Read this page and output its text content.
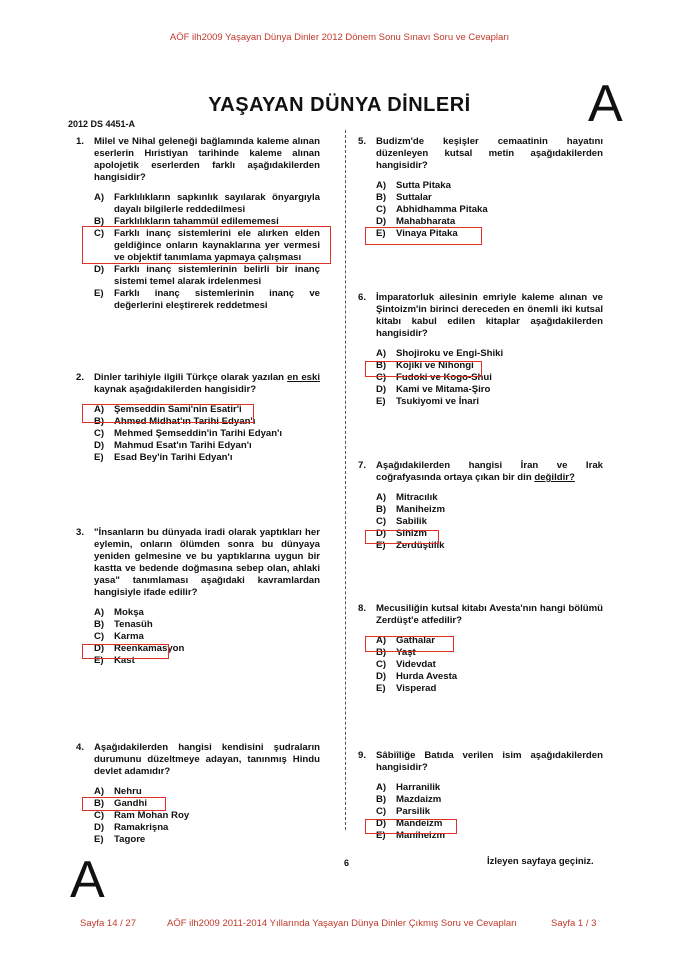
AÖF ilh2009 Yaşayan Dünya Dinler 2012 Dönem Sonu Sınavı Soru ve Cevapları
YAŞAYAN DÜNYA DİNLERİ	A
2012 DS 4451-A
1. Milel ve Nihal geleneği bağlamında kaleme alınan eserlerin Hıristiyan tarihinde kaleme alınan apolojetik eserlerden farklı aşağıdakilerden hangisidir?
A)	Farklılıkların sapkınlık sayılarak önyargıyla dayalı bilgilerle reddedilmesi
B)	Farklılıkların tahammül edilememesi
C)	Farklı inanç sistemlerini ele alırken elden geldiğince onların kaynaklarına yer vermesi ve objektif tanımlama yapmaya çalışması
D)	Farklı inanç sistemlerinin belirli bir inanç sistemi temel alarak irdelenmesi
E)	Farklı inanç sistemlerinin inanç ve değerlerini eleştirerek reddetmesi
2. Dinler tarihiyle ilgili Türkçe olarak yazılan en eski kaynak aşağıdakilerden hangisidir?
A)	Şemseddin Sami'nin Esatir'i
B)	Ahmed Midhat'ın Tarihi Edyan'ı
C)	Mehmed Şemseddin'in Tarihi Edyan'ı
D)	Mahmud Esat'ın Tarihi Edyan'ı
E)	Esad Bey'in Tarihi Edyan'ı
3. "İnsanların bu dünyada iradi olarak yaptıkları her eylemin, onların ölümden sonra bu dünyaya yeniden gelmesine ve bu yaptıklarına uygun bir kastta ve bedende doğmasına sebep olan, ahlaki yasa" tanımlaması aşağıdaki kavramlardan hangisiyle ifade edilir?
A)	Mokşa
B)	Tenasüh
C)	Karma
D)	Reenkamasyon
E)	Kast
4. Aşağıdakilerden hangisi kendisini şudraların durumunu düzeltmeye adayan, tanınmış Hindu devlet adamıdır?
A)	Nehru
B)	Gandhi
C)	Ram Mohan Roy
D)	Ramakrişna
E)	Tagore
5. Budizm'de keşişler cemaatinin hayatını düzenleyen kutsal metin aşağıdakilerden hangisidir?
A)	Sutta Pitaka
B)	Suttalar
C)	Abhidhamma Pitaka
D)	Mahabharata
E)	Vinaya Pitaka
6. İmparatorluk ailesinin emriyle kaleme alınan ve Şintoizm'in birinci dereceden en önemli iki kutsal kitabı kabul edilen kitaplar aşağıdakilerden hangisidir?
A)	Shojiroku ve Engi-Shiki
B)	Kojiki ve Nihongi
C)	Fudoki ve Kogo-Shui
D)	Kami ve Mitama-Şiro
E)	Tsukiyomi ve İnari
7. Aşağıdakilerden hangisi İran ve Irak coğrafyasında ortaya çıkan bir din değildir?
A)	Mitracılık
B)	Maniheizm
C)	Sabilik
D)	Sihizm
E)	Zerdüştilik
8. Mecusiliğin kutsal kitabı Avesta'nın hangi bölümü Zerdüşt'e atfedilir?
A)	Gathalar
B)	Yaşt
C)	Videvdat
D)	Hurda Avesta
E)	Visperad
9. Sâbiîliğe Batıda verilen isim aşağıdakilerden hangisidir?
A)	Harranilik
B)	Mazdaizm
C)	Parsilik
D)	Mandeizm
E)	Maniheizm
6	İzleyen sayfaya geçiniz.
A
Sayfa 14 / 27	AÖF ilh2009 2011-2014 Yıllarında Yaşayan Dünya Dinler Çıkmış Soru ve Cevapları	Sayfa 1 / 3
